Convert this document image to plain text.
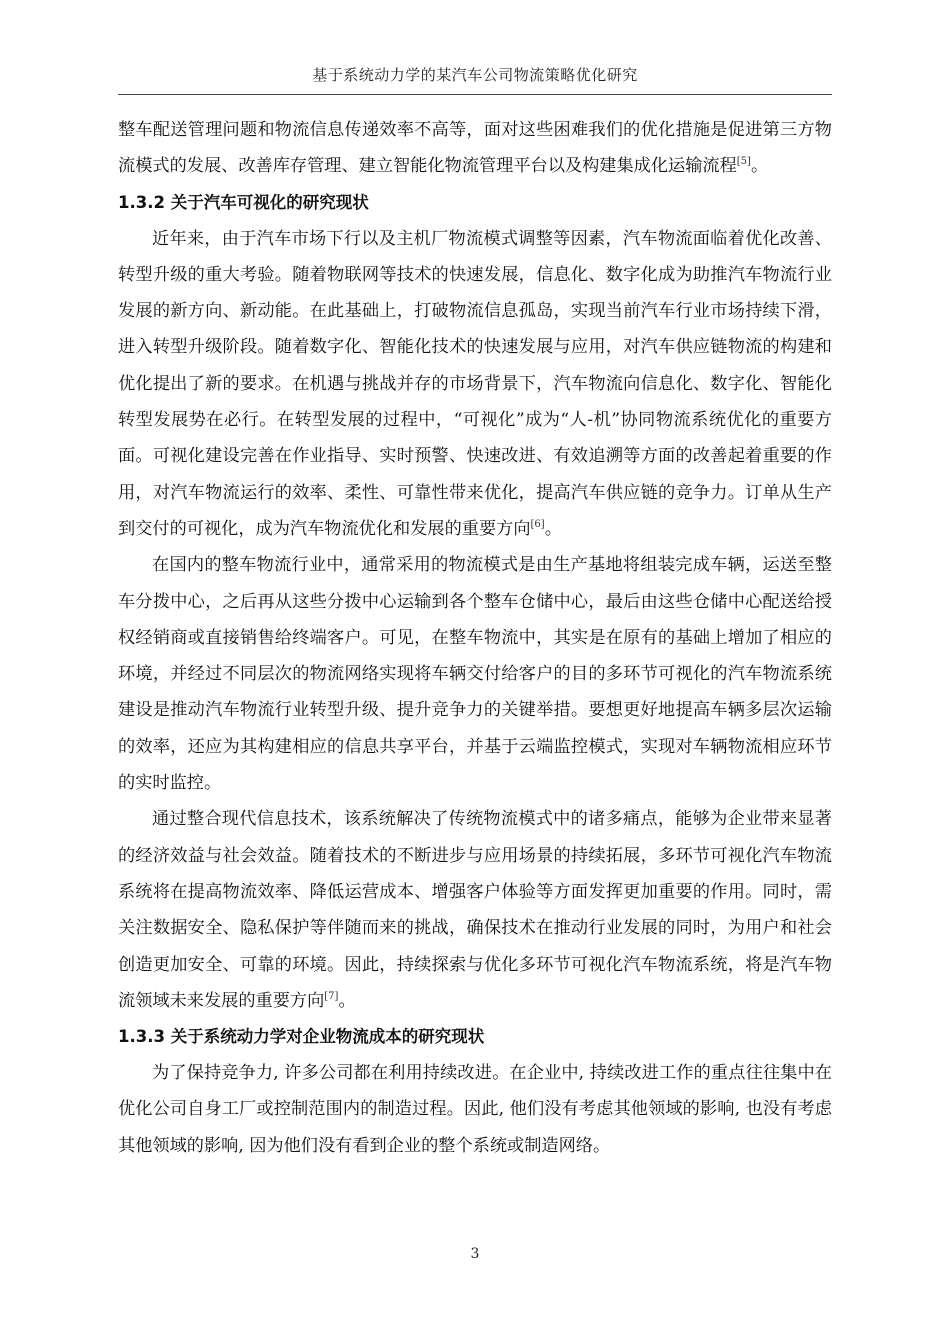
基于系统动力学的某汽车公司物流策略优化研究

整车配送管理问题和物流信息传递效率不高等，面对这些困难我们的优化措施是促进第三方物流模式的发展、改善库存管理、建立智能化物流管理平台以及构建集成化运输流程[5]。

1.3.2 关于汽车可视化的研究现状

近年来，由于汽车市场下行以及主机厂物流模式调整等因素，汽车物流面临着优化改善、转型升级的重大考验。随着物联网等技术的快速发展，信息化、数字化成为助推汽车物流行业发展的新方向、新动能。在此基础上，打破物流信息孤岛，实现当前汽车行业市场持续下滑，进入转型升级阶段。随着数字化、智能化技术的快速发展与应用，对汽车供应链物流的构建和优化提出了新的要求。在机遇与挑战并存的市场背景下，汽车物流向信息化、数字化、智能化转型发展势在必行。在转型发展的过程中，“可视化”成为“人-机”协同物流系统优化的重要方面。可视化建设完善在作业指导、实时预警、快速改进、有效追溯等方面的改善起着重要的作用，对汽车物流运行的效率、柔性、可靠性带来优化，提高汽车供应链的竞争力。订单从生产到交付的可视化，成为汽车物流优化和发展的重要方向[6]。

在国内的整车物流行业中，通常采用的物流模式是由生产基地将组装完成车辆，运送至整车分拨中心，之后再从这些分拨中心运输到各个整车仓储中心，最后由这些仓储中心配送给授权经销商或直接销售给终端客户。可见，在整车物流中，其实是在原有的基础上增加了相应的环境，并经过不同层次的物流网络实现将车辆交付给客户的目的多环节可视化的汽车物流系统建设是推动汽车物流行业转型升级、提升竞争力的关键举措。要想更好地提高车辆多层次运输的效率，还应为其构建相应的信息共享平台，并基于云端监控模式，实现对车辆物流相应环节的实时监控。

通过整合现代信息技术，该系统解决了传统物流模式中的诸多痛点，能够为企业带来显著的经济效益与社会效益。随着技术的不断进步与应用场景的持续拓展，多环节可视化汽车物流系统将在提高物流效率、降低运营成本、增强客户体验等方面发挥更加重要的作用。同时，需关注数据安全、隐私保护等伴随而来的挑战，确保技术在推动行业发展的同时，为用户和社会创造更加安全、可靠的环境。因此，持续探索与优化多环节可视化汽车物流系统，将是汽车物流领域未来发展的重要方向[7]。

1.3.3 关于系统动力学对企业物流成本的研究现状

为了保持竞争力, 许多公司都在利用持续改进。在企业中, 持续改进工作的重点往往集中在优化公司自身工厂或控制范围内的制造过程。因此, 他们没有考虑其他领域的影响, 也没有考虑其他领域的影响, 因为他们没有看到企业的整个系统或制造网络。

3
